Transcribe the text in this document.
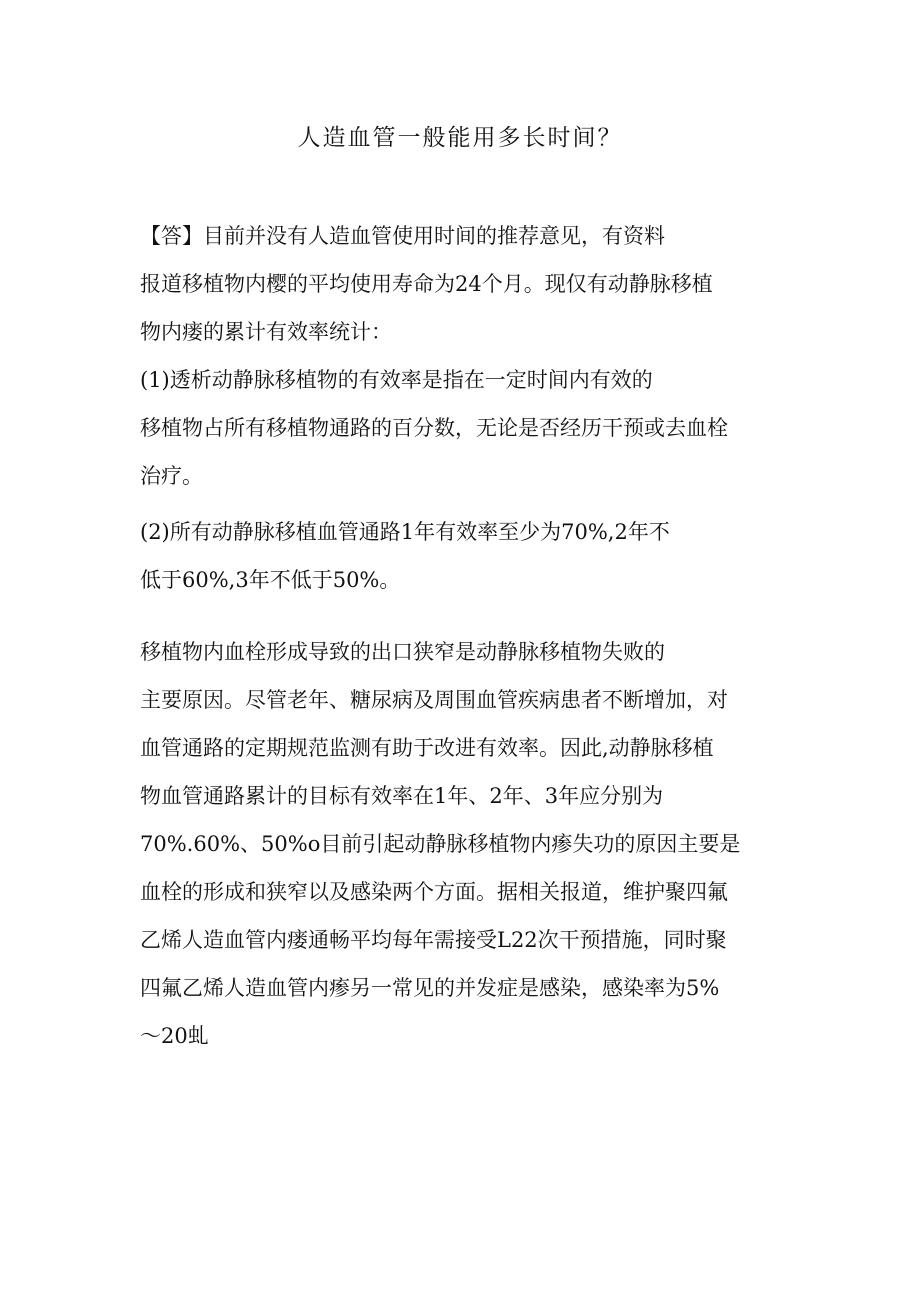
人造血管一般能用多长时间？
【答】目前并没有人造血管使用时间的推荐意见，有资料
报道移植物内樱的平均使用寿命为24个月。现仅有动静脉移植
物内瘘的累计有效率统计：
(1)透析动静脉移植物的有效率是指在一定时间内有效的
移植物占所有移植物通路的百分数，无论是否经历干预或去血栓
治疗。
(2)所有动静脉移植血管通路1年有效率至少为70%,2年不
低于60%,3年不低于50%。
移植物内血栓形成导致的出口狭窄是动静脉移植物失败的
主要原因。尽管老年、糖尿病及周围血管疾病患者不断增加，对
血管通路的定期规范监测有助于改进有效率。因此,动静脉移植
物血管通路累计的目标有效率在1年、2年、3年应分别为
70%.60%、50%o目前引起动静脉移植物内瘆失功的原因主要是
血栓的形成和狭窄以及感染两个方面。据相关报道，维护聚四氟
乙烯人造血管内瘘通畅平均每年需接受L22次干预措施，同时聚
四氟乙烯人造血管内瘆另一常见的并发症是感染，感染率为5%
～20虬
